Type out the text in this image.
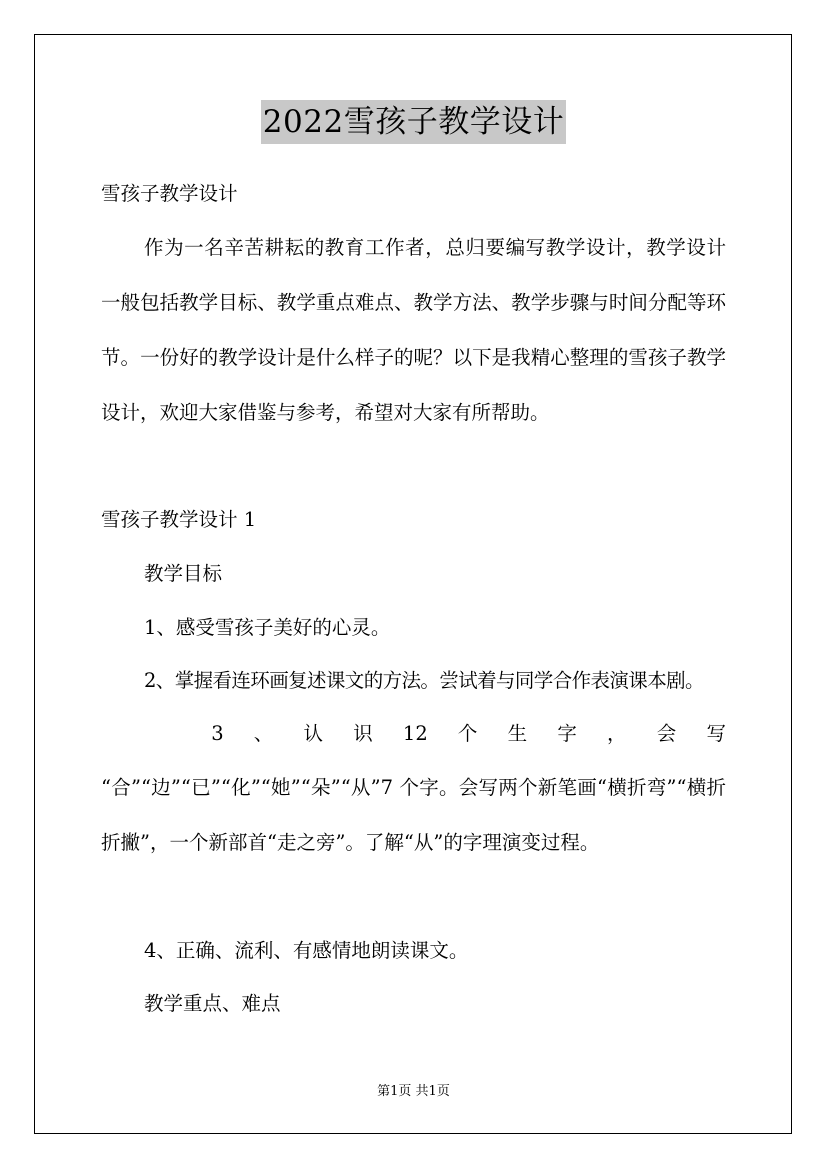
2022雪孩子教学设计
雪孩子教学设计
作为一名辛苦耕耘的教育工作者，总归要编写教学设计，教学设计一般包括教学目标、教学重点难点、教学方法、教学步骤与时间分配等环节。一份好的教学设计是什么样子的呢？以下是我精心整理的雪孩子教学设计，欢迎大家借鉴与参考，希望对大家有所帮助。
雪孩子教学设计 1
教学目标
1、感受雪孩子美好的心灵。
2、掌握看连环画复述课文的方法。尝试着与同学合作表演课本剧。
3 、 认 识 12 个 生 字 ， 会 写
“合”“边”“已”“化”“她”“朵”“从”7 个字。会写两个新笔画“横折弯”“横折折撇”，一个新部首“走之旁”。了解“从”的字理演变过程。
4、正确、流利、有感情地朗读课文。
教学重点、难点
第1页 共1页
